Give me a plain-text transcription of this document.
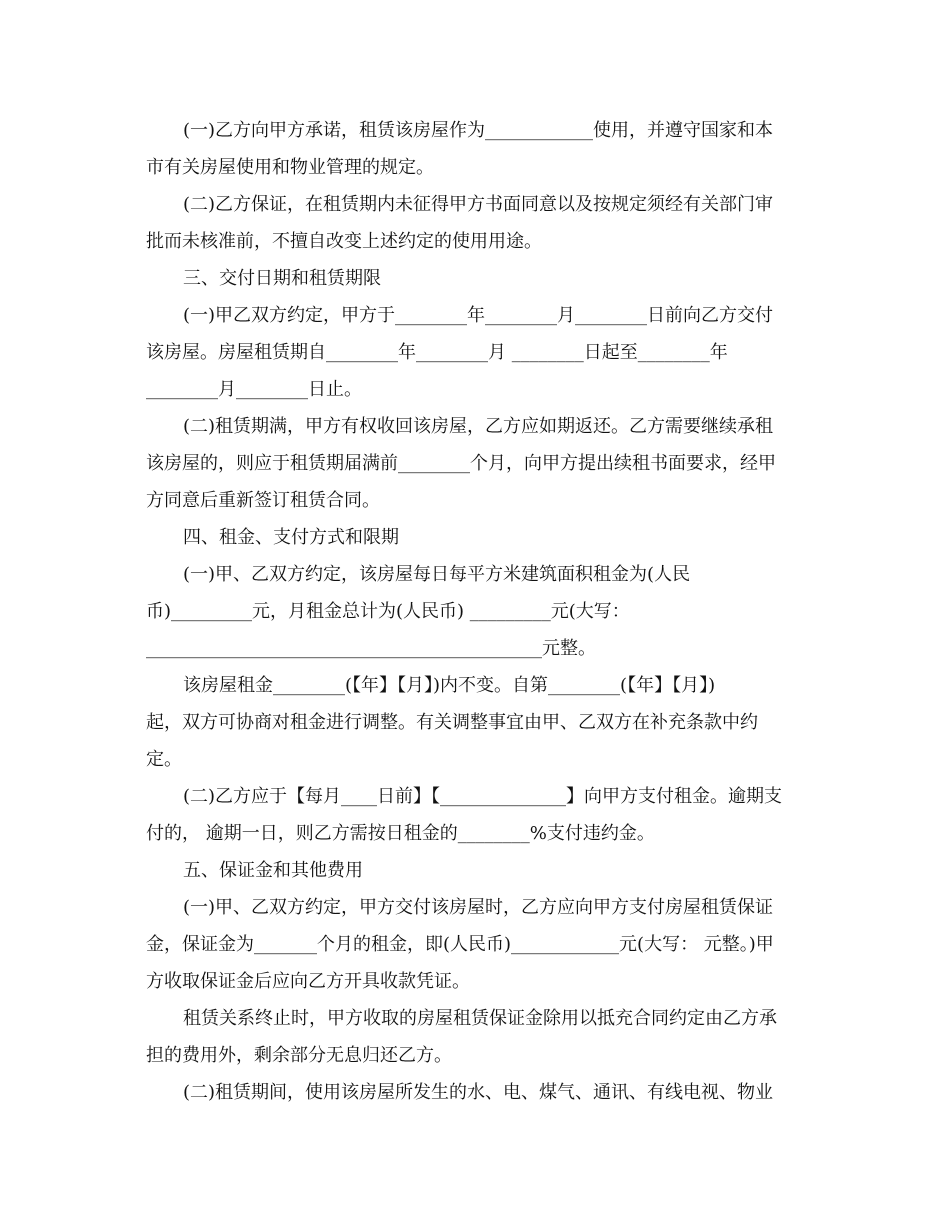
(一)乙方向甲方承诺，租赁该房屋作为____________使用，并遵守国家和本
市有关房屋使用和物业管理的规定。
(二)乙方保证，在租赁期内未征得甲方书面同意以及按规定须经有关部门审
批而未核准前，不擅自改变上述约定的使用用途。
三、交付日期和租赁期限
(一)甲乙双方约定，甲方于________年________月________日前向乙方交付
该房屋。房屋租赁期自________年________月 ________日起至________年
________月________日止。
(二)租赁期满，甲方有权收回该房屋，乙方应如期返还。乙方需要继续承租
该房屋的，则应于租赁期届满前________个月，向甲方提出续租书面要求，经甲
方同意后重新签订租赁合同。
四、租金、支付方式和限期
(一)甲、乙双方约定，该房屋每日每平方米建筑面积租金为(人民
币)_________元，月租金总计为(人民币) _________元(大写：
____________________________________________元整。
该房屋租金________(【年】【月】)内不变。自第________(【年】【月】)
起，双方可协商对租金进行调整。有关调整事宜由甲、乙双方在补充条款中约
定。
(二)乙方应于【每月____日前】【______________】向甲方支付租金。逾期支
付的， 逾期一日，则乙方需按日租金的________%支付违约金。
五、保证金和其他费用
(一)甲、乙双方约定，甲方交付该房屋时，乙方应向甲方支付房屋租赁保证
金，保证金为_______个月的租金，即(人民币)____________元(大写： 元整。)甲
方收取保证金后应向乙方开具收款凭证。
租赁关系终止时，甲方收取的房屋租赁保证金除用以抵充合同约定由乙方承
担的费用外，剩余部分无息归还乙方。
(二)租赁期间，使用该房屋所发生的水、电、煤气、通讯、有线电视、物业
